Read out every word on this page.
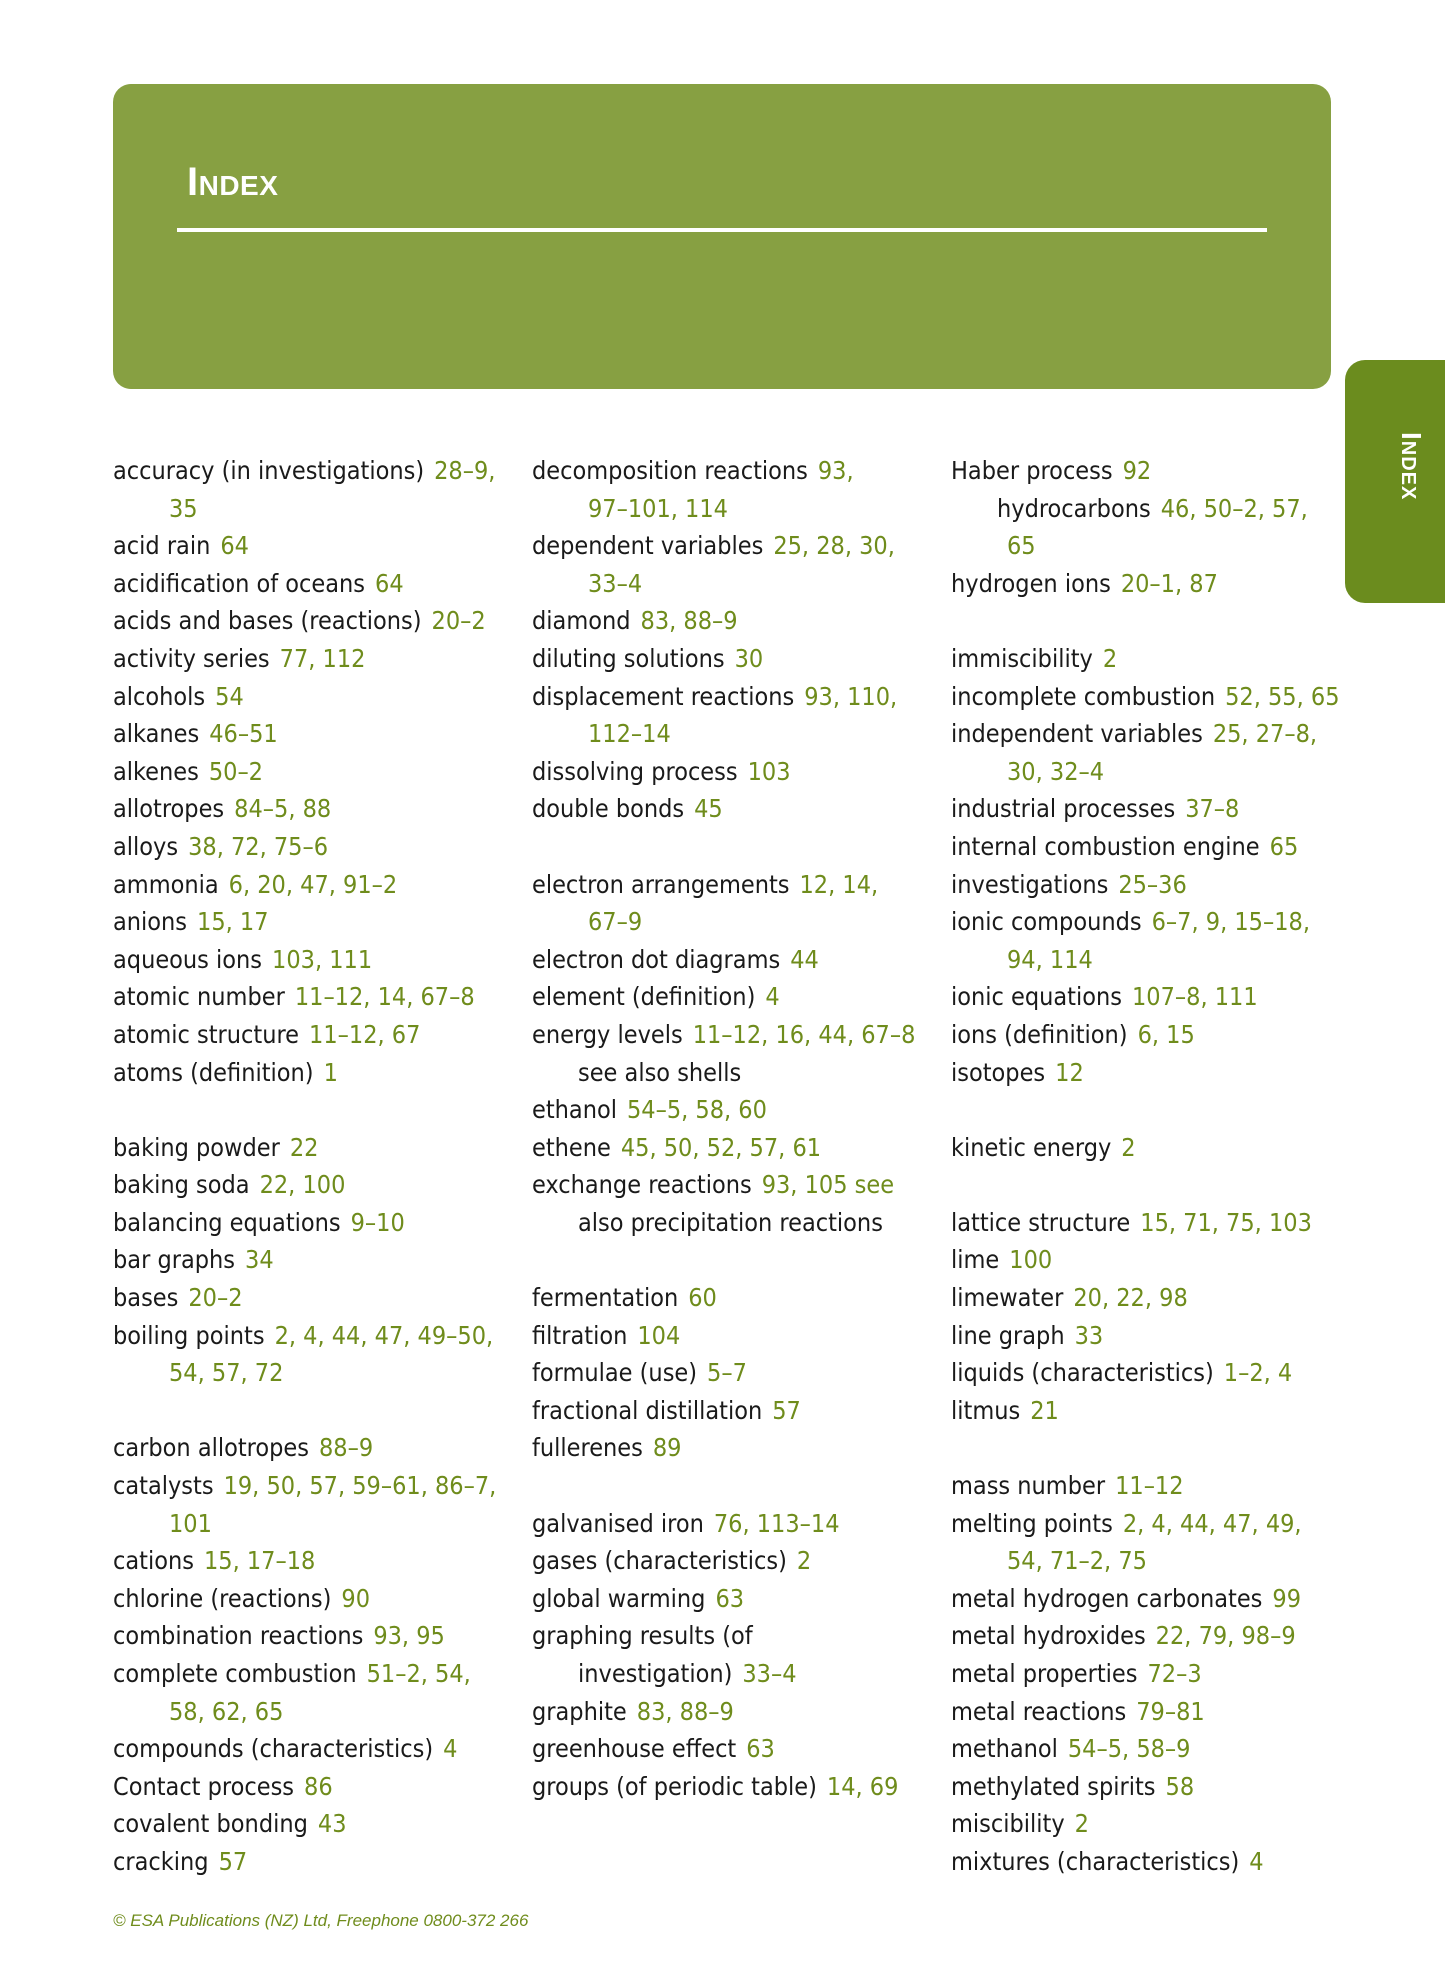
Index
Index
accuracy (in investigations) 28–9,
35
acid rain 64
acidification of oceans 64
acids and bases (reactions) 20–2
activity series 77, 112
alcohols 54
alkanes 46–51
alkenes 50–2
allotropes 84–5, 88
alloys 38, 72, 75–6
ammonia 6, 20, 47, 91–2
anions 15, 17
aqueous ions 103, 111
atomic number 11–12, 14, 67–8
atomic structure 11–12, 67
atoms (definition) 1
baking powder 22
baking soda 22, 100
balancing equations 9–10
bar graphs 34
bases 20–2
boiling points 2, 4, 44, 47, 49–50,
54, 57, 72
carbon allotropes 88–9
catalysts 19, 50, 57, 59–61, 86–7,
101
cations 15, 17–18
chlorine (reactions) 90
combination reactions 93, 95
complete combustion 51–2, 54,
58, 62, 65
compounds (characteristics) 4
Contact process 86
covalent bonding 43
cracking 57
decomposition reactions 93,
97–101, 114
dependent variables 25, 28, 30,
33–4
diamond 83, 88–9
diluting solutions 30
displacement reactions 93, 110,
112–14
dissolving process 103
double bonds 45
electron arrangements 12, 14,
67–9
electron dot diagrams 44
element (definition) 4
energy levels 11–12, 16, 44, 67–8
see also shells
ethanol 54–5, 58, 60
ethene 45, 50, 52, 57, 61
exchange reactions 93, 105 see
also precipitation reactions
fermentation 60
filtration 104
formulae (use) 5–7
fractional distillation 57
fullerenes 89
galvanised iron 76, 113–14
gases (characteristics) 2
global warming 63
graphing results (of
investigation) 33–4
graphite 83, 88–9
greenhouse effect 63
groups (of periodic table) 14, 69
Haber process 92
hydrocarbons 46, 50–2, 57,
65
hydrogen ions 20–1, 87
immiscibility 2
incomplete combustion 52, 55, 65
independent variables 25, 27–8,
30, 32–4
industrial processes 37–8
internal combustion engine 65
investigations 25–36
ionic compounds 6–7, 9, 15–18,
94, 114
ionic equations 107–8, 111
ions (definition) 6, 15
isotopes 12
kinetic energy 2
lattice structure 15, 71, 75, 103
lime 100
limewater 20, 22, 98
line graph 33
liquids (characteristics) 1–2, 4
litmus 21
mass number 11–12
melting points 2, 4, 44, 47, 49,
54, 71–2, 75
metal hydrogen carbonates 99
metal hydroxides 22, 79, 98–9
metal properties 72–3
metal reactions 79–81
methanol 54–5, 58–9
methylated spirits 58
miscibility 2
mixtures (characteristics) 4
© ESA Publications (NZ) Ltd, Freephone 0800-372 266
